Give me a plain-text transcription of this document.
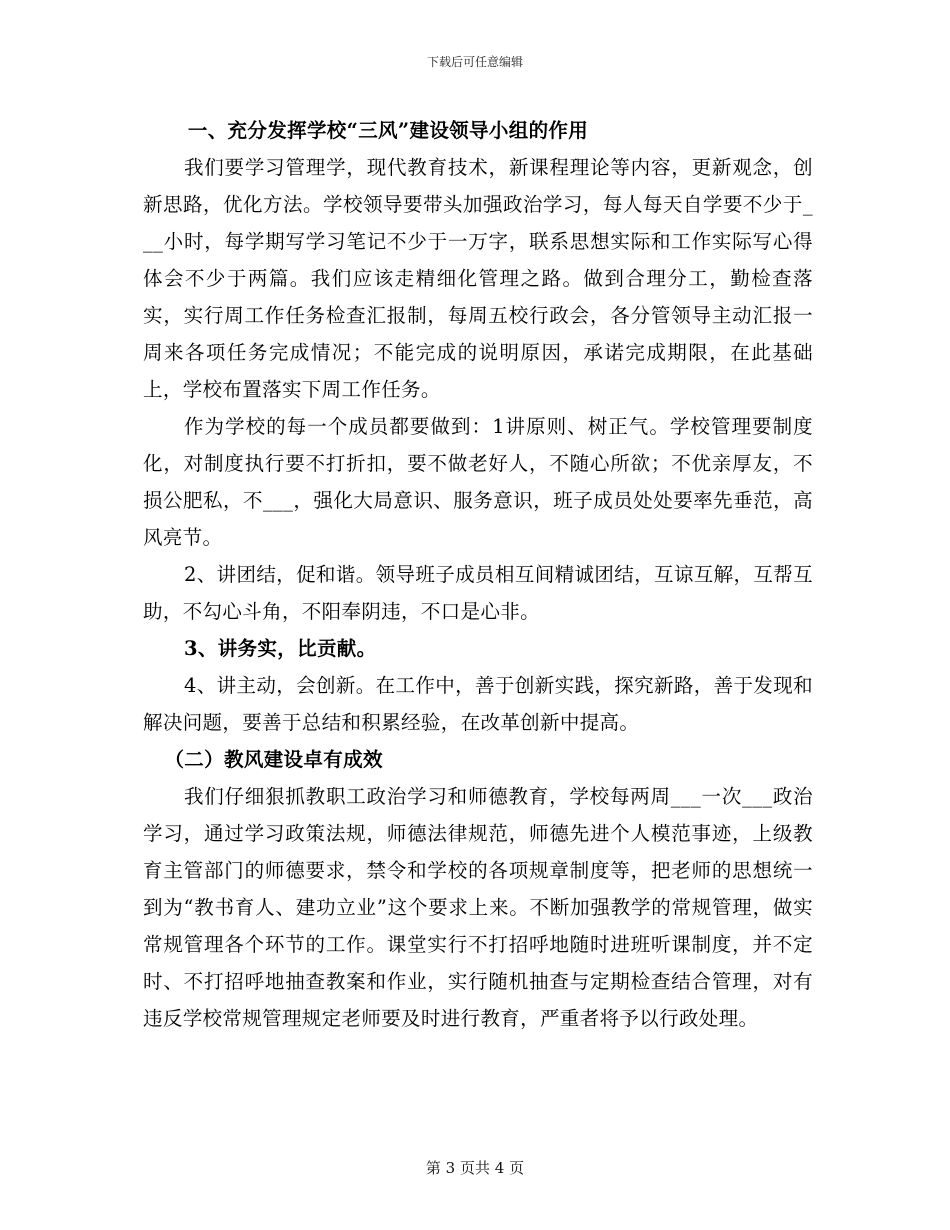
下载后可任意编辑

一、充分发挥学校“三风”建设领导小组的作用

我们要学习管理学，现代教育技术，新课程理论等内容，更新观念，创新思路，优化方法。学校领导要带头加强政治学习，每人每天自学要不少于___小时，每学期写学习笔记不少于一万字，联系思想实际和工作实际写心得体会不少于两篇。我们应该走精细化管理之路。做到合理分工，勤检查落实，实行周工作任务检查汇报制，每周五校行政会，各分管领导主动汇报一周来各项任务完成情况；不能完成的说明原因，承诺完成期限，在此基础上，学校布置落实下周工作任务。

作为学校的每一个成员都要做到：1讲原则、树正气。学校管理要制度化，对制度执行要不打折扣，要不做老好人，不随心所欲；不优亲厚友，不损公肥私，不___，强化大局意识、服务意识，班子成员处处要率先垂范，高风亮节。

2、讲团结，促和谐。领导班子成员相互间精诚团结，互谅互解，互帮互助，不勾心斗角，不阳奉阴违，不口是心非。

3、讲务实，比贡献。

4、讲主动，会创新。在工作中，善于创新实践，探究新路，善于发现和解决问题，要善于总结和积累经验，在改革创新中提高。

（二）教风建设卓有成效

我们仔细狠抓教职工政治学习和师德教育，学校每两周___一次___政治学习，通过学习政策法规，师德法律规范，师德先进个人模范事迹，上级教育主管部门的师德要求，禁令和学校的各项规章制度等，把老师的思想统一到为“教书育人、建功立业”这个要求上来。不断加强教学的常规管理，做实常规管理各个环节的工作。课堂实行不打招呼地随时进班听课制度，并不定时、不打招呼地抽查教案和作业，实行随机抽查与定期检查结合管理，对有违反学校常规管理规定老师要及时进行教育，严重者将予以行政处理。

第 3 页共 4 页
